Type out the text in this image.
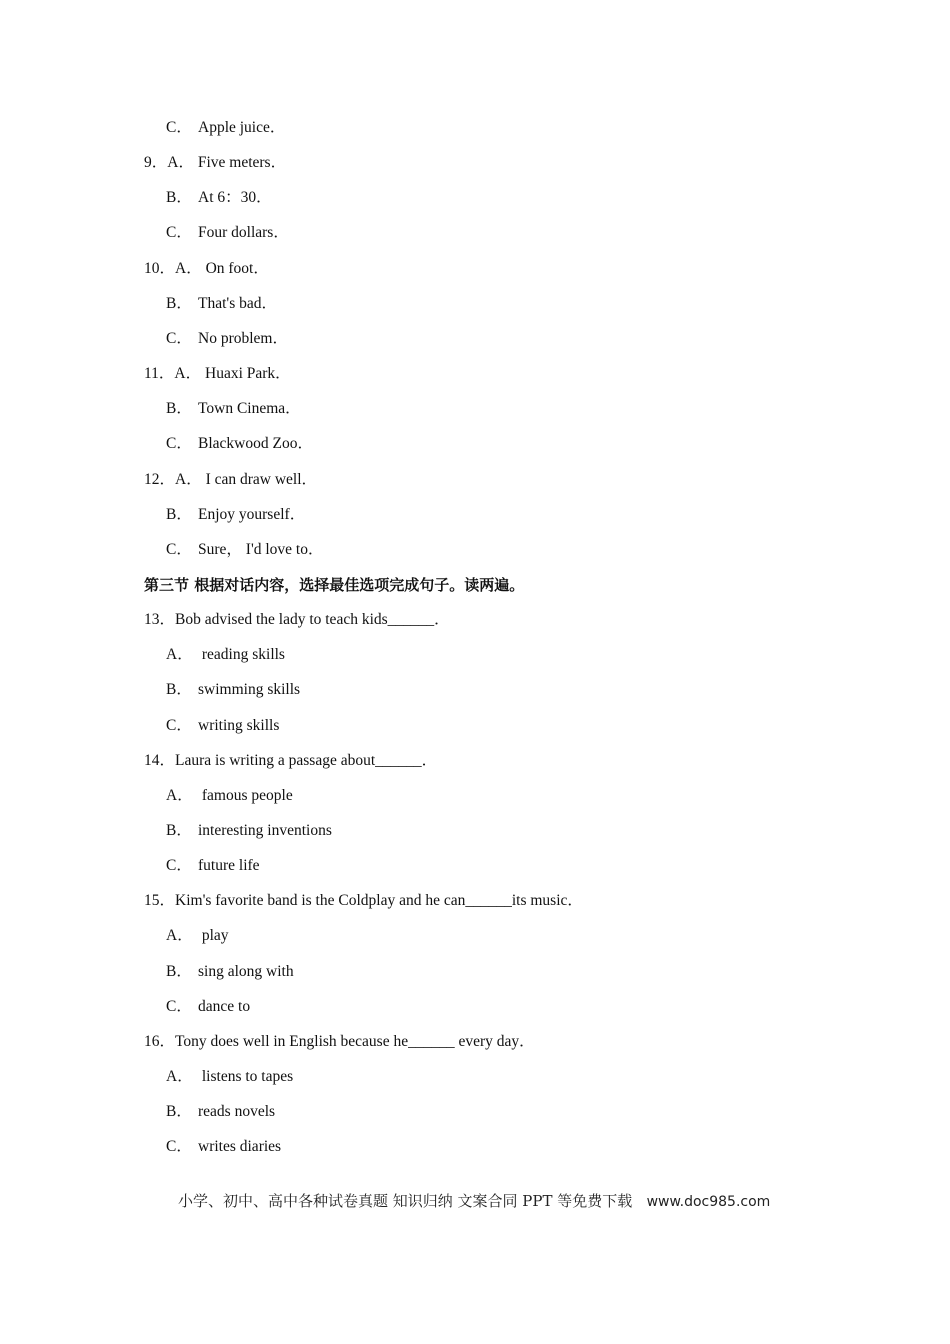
C． Apple juice．
9．A． Five meters．
B． At 6：30．
C． Four dollars．
10．A． On foot．
B． That's bad．
C． No problem．
11．A． Huaxi Park．
B． Town Cinema．
C． Blackwood Zoo．
12．A． I can draw well．
B． Enjoy yourself．
C． Sure， I'd love to．
第三节 根据对话内容，选择最佳选项完成句子。读两遍。
13．Bob advised the lady to teach kids______．
A． reading skills
B． swimming skills
C． writing skills
14．Laura is writing a passage about______．
A． famous people
B． interesting inventions
C． future life
15．Kim's favorite band is the Coldplay and he can______its music．
A． play
B． sing along with
C． dance to
16．Tony does well in English because he______ every day．
A． listens to tapes
B． reads novels
C． writes diaries
小学、初中、高中各种试卷真题 知识归纳 文案合同 PPT 等免费下载 www.doc985.com
